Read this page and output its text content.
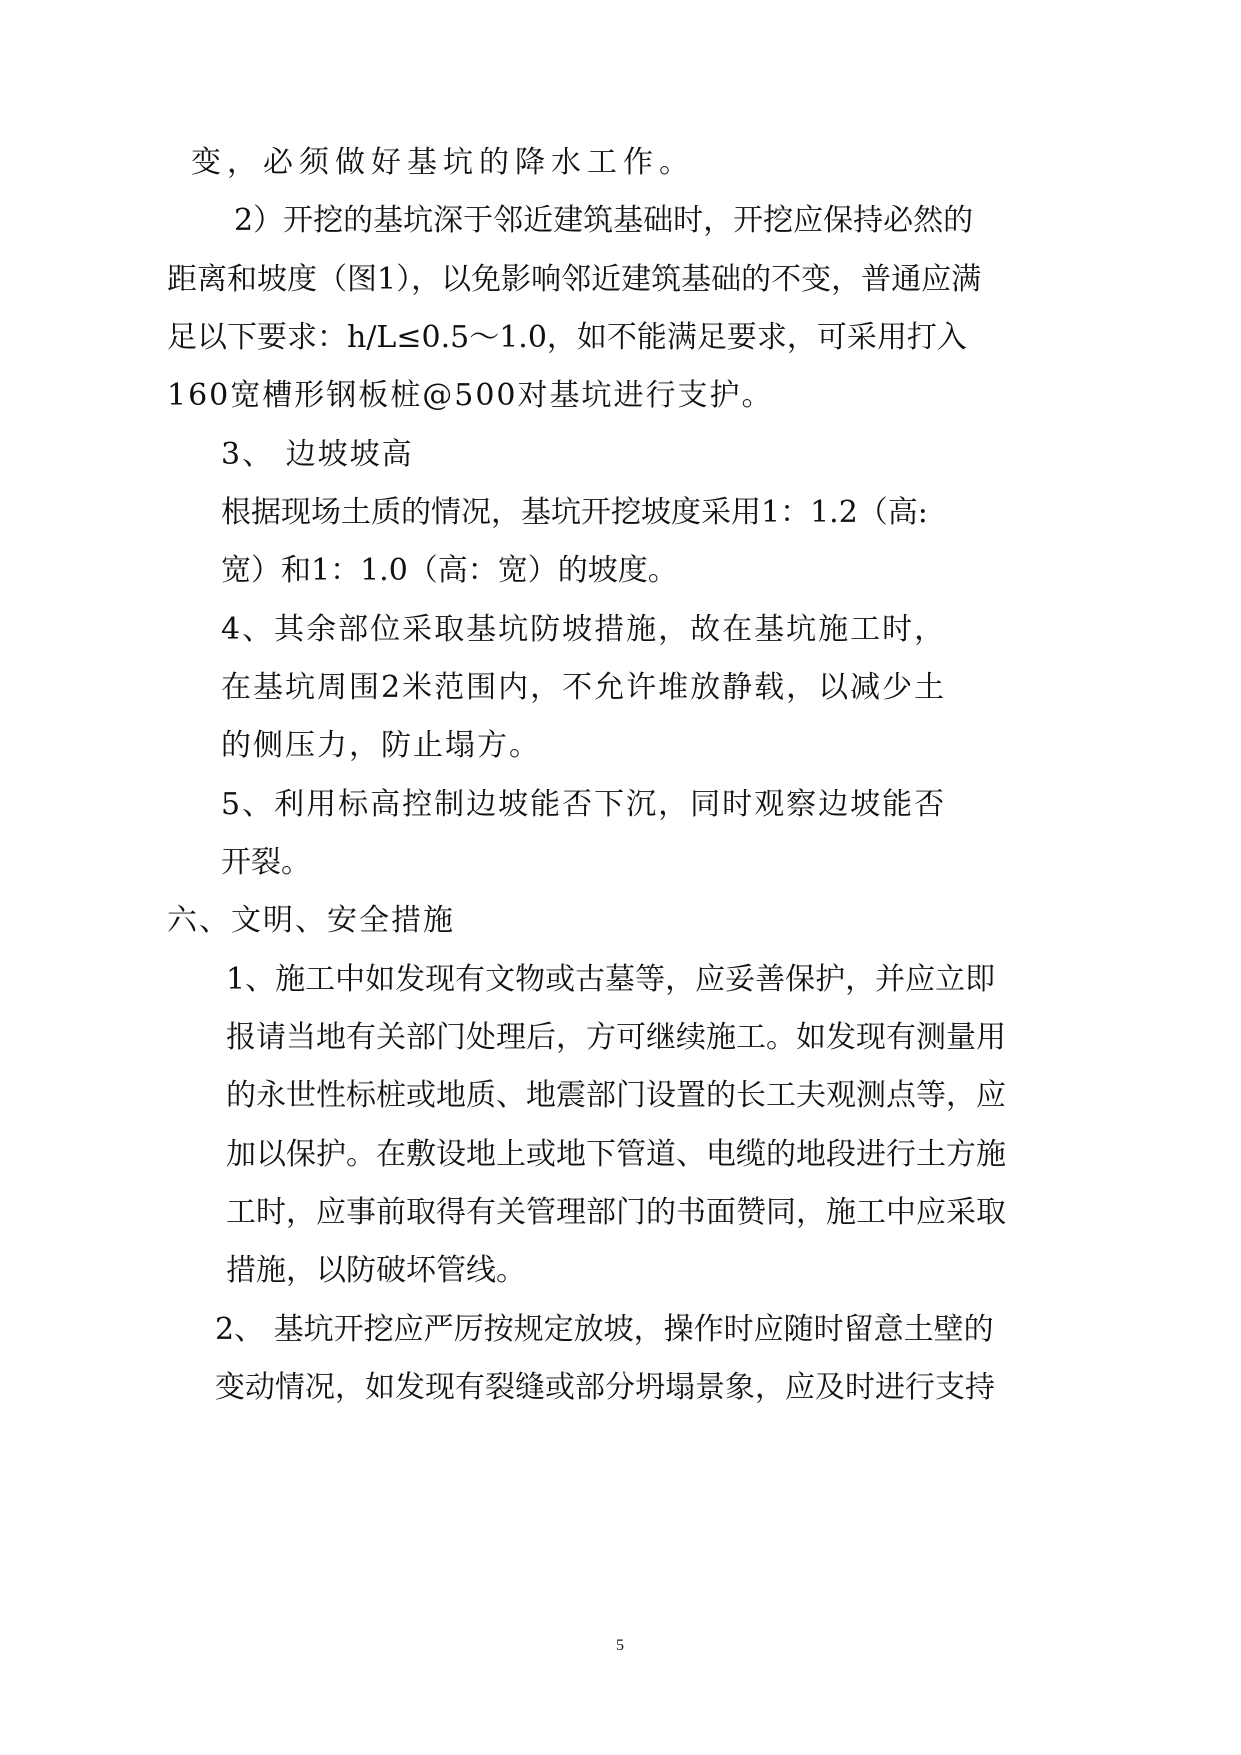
变，必须做好基坑的降水工作。
2）开挖的基坑深于邻近建筑基础时，开挖应保持必然的
距离和坡度（图1），以免影响邻近建筑基础的不变，普通应满
足以下要求：h/L≤0.5～1.0，如不能满足要求，可采用打入
160宽槽形钢板桩@500对基坑进行支护。
3、 边坡坡高
根据现场土质的情况，基坑开挖坡度采用1：1.2（高:
宽）和1：1.0（高：宽）的坡度。
4、其余部位采取基坑防坡措施，故在基坑施工时，
在基坑周围2米范围内，不允许堆放静载，以减少土
的侧压力，防止塌方。
5、利用标高控制边坡能否下沉，同时观察边坡能否
开裂。
六、文明、安全措施
1、施工中如发现有文物或古墓等，应妥善保护，并应立即
报请当地有关部门处理后，方可继续施工。如发现有测量用
的永世性标桩或地质、地震部门设置的长工夫观测点等，应
加以保护。在敷设地上或地下管道、电缆的地段进行土方施
工时，应事前取得有关管理部门的书面赞同，施工中应采取
措施，以防破坏管线。
2、 基坑开挖应严厉按规定放坡，操作时应随时留意土壁的
变动情况，如发现有裂缝或部分坍塌景象，应及时进行支持
5
